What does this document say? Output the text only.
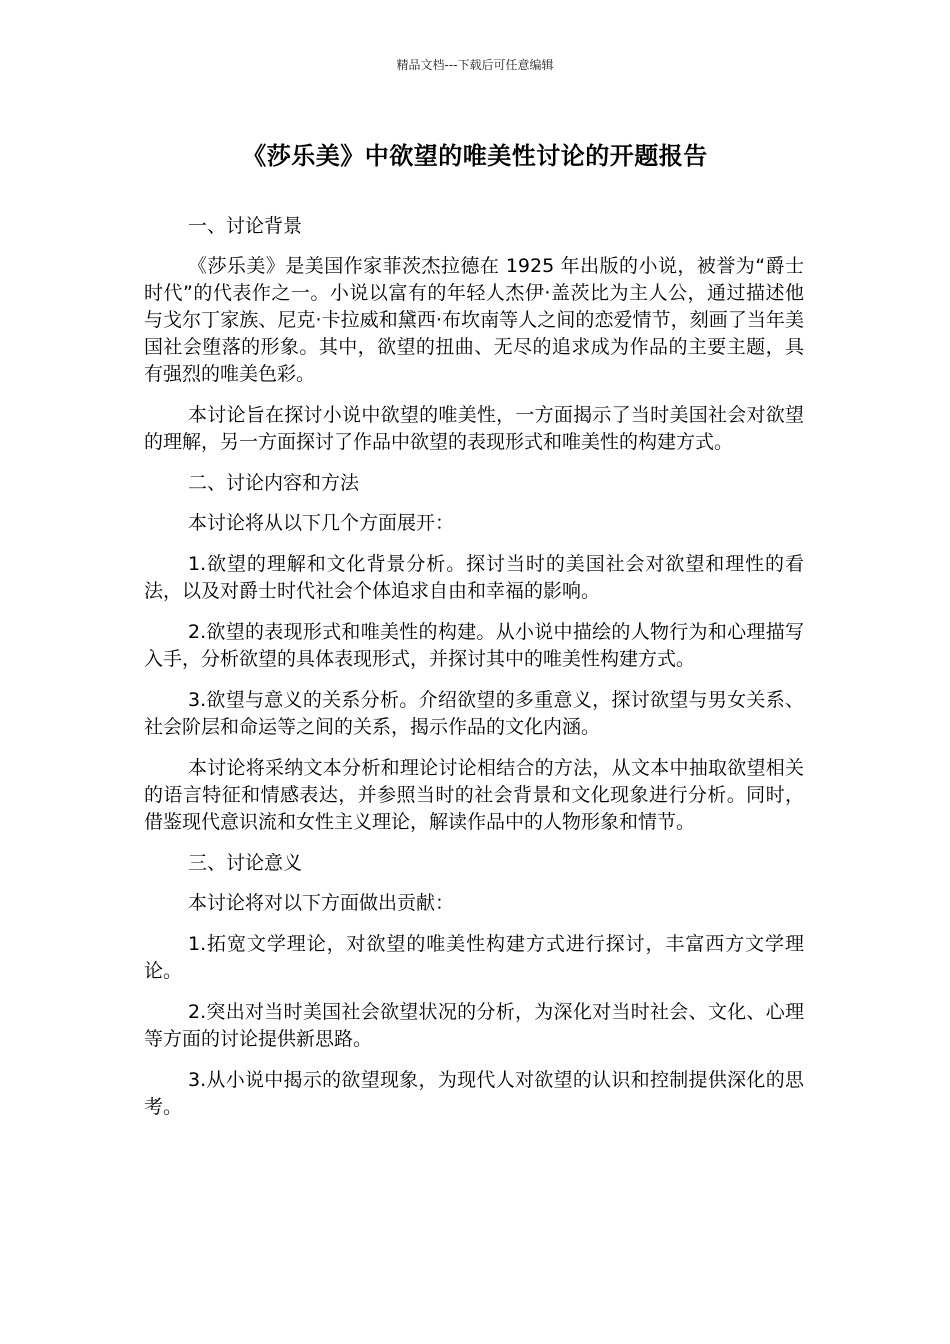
精品文档---下载后可任意编辑
《莎乐美》中欲望的唯美性讨论的开题报告

一、讨论背景

《莎乐美》是美国作家菲茨杰拉德在 1925 年出版的小说，被誉为“爵士时代”的代表作之一。小说以富有的年轻人杰伊·盖茨比为主人公，通过描述他与戈尔丁家族、尼克·卡拉威和黛西·布坎南等人之间的恋爱情节，刻画了当年美国社会堕落的形象。其中，欲望的扭曲、无尽的追求成为作品的主要主题，具有强烈的唯美色彩。

本讨论旨在探讨小说中欲望的唯美性，一方面揭示了当时美国社会对欲望的理解，另一方面探讨了作品中欲望的表现形式和唯美性的构建方式。

二、讨论内容和方法

本讨论将从以下几个方面展开：

1.欲望的理解和文化背景分析。探讨当时的美国社会对欲望和理性的看法，以及对爵士时代社会个体追求自由和幸福的影响。

2.欲望的表现形式和唯美性的构建。从小说中描绘的人物行为和心理描写入手，分析欲望的具体表现形式，并探讨其中的唯美性构建方式。

3.欲望与意义的关系分析。介绍欲望的多重意义，探讨欲望与男女关系、社会阶层和命运等之间的关系，揭示作品的文化内涵。

本讨论将采纳文本分析和理论讨论相结合的方法，从文本中抽取欲望相关的语言特征和情感表达，并参照当时的社会背景和文化现象进行分析。同时，借鉴现代意识流和女性主义理论，解读作品中的人物形象和情节。

三、讨论意义

本讨论将对以下方面做出贡献：

1.拓宽文学理论，对欲望的唯美性构建方式进行探讨，丰富西方文学理论。

2.突出对当时美国社会欲望状况的分析，为深化对当时社会、文化、心理等方面的讨论提供新思路。

3.从小说中揭示的欲望现象，为现代人对欲望的认识和控制提供深化的思考。
